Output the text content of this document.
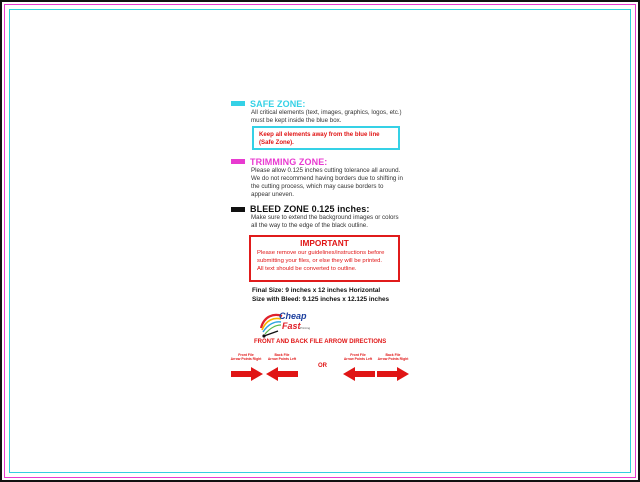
SAFE ZONE:
All critical elements (text, images, graphics, logos, etc.)
must be kept inside the blue box.
Keep all elements away from the blue line
(Safe Zone).
TRIMMING ZONE:
Please allow 0.125 inches cutting tolerance all around.
We do not recommend having borders due to shifting in
the cutting process, which may cause borders to
appear uneven.
BLEED ZONE 0.125 inches:
Make sure to extend the background images or colors
all the way to the edge of the black outline.
IMPORTANT
Please remove our guidelines/instructions before
submitting your files, or else they will be printed.
All text should be converted to outline.
Final Size: 9 inches x 12 inches Horizontal
Size with Bleed: 9.125 inches x 12.125 inches
Cheap
Fast Printing
FRONT AND BACK FILE ARROW DIRECTIONS
Front File
Arrow Points Right
Back File
Arrow Points Left
Front File
Arrow Points Left
Back File
Arrow Points Right
OR
